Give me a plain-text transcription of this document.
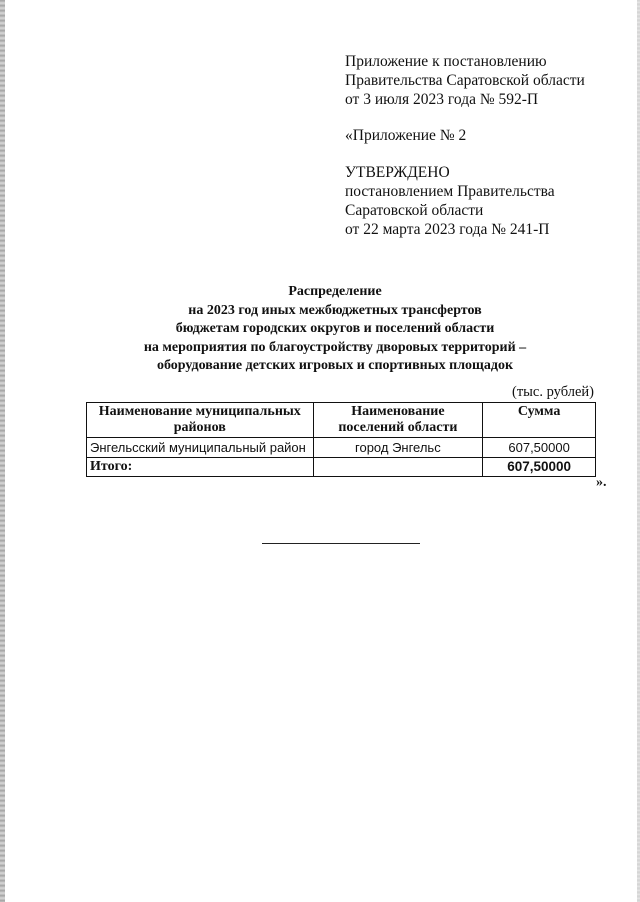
Приложение к постановлению
Правительства Саратовской области
от 3 июля 2023 года № 592-П
«Приложение № 2
УТВЕРЖДЕНО
постановлением Правительства
Саратовской области
от 22 марта 2023 года № 241-П
Распределение
на 2023 год иных межбюджетных трансфертов
бюджетам городских округов и поселений области
на мероприятия по благоустройству дворовых территорий –
оборудование детских игровых и спортивных площадок
(тыс. рублей)
Наименование муниципальных районов	Наименование поселений области	Сумма
Энгельсский муниципальный район	город Энгельс	607,50000
Итого:		607,50000
».
